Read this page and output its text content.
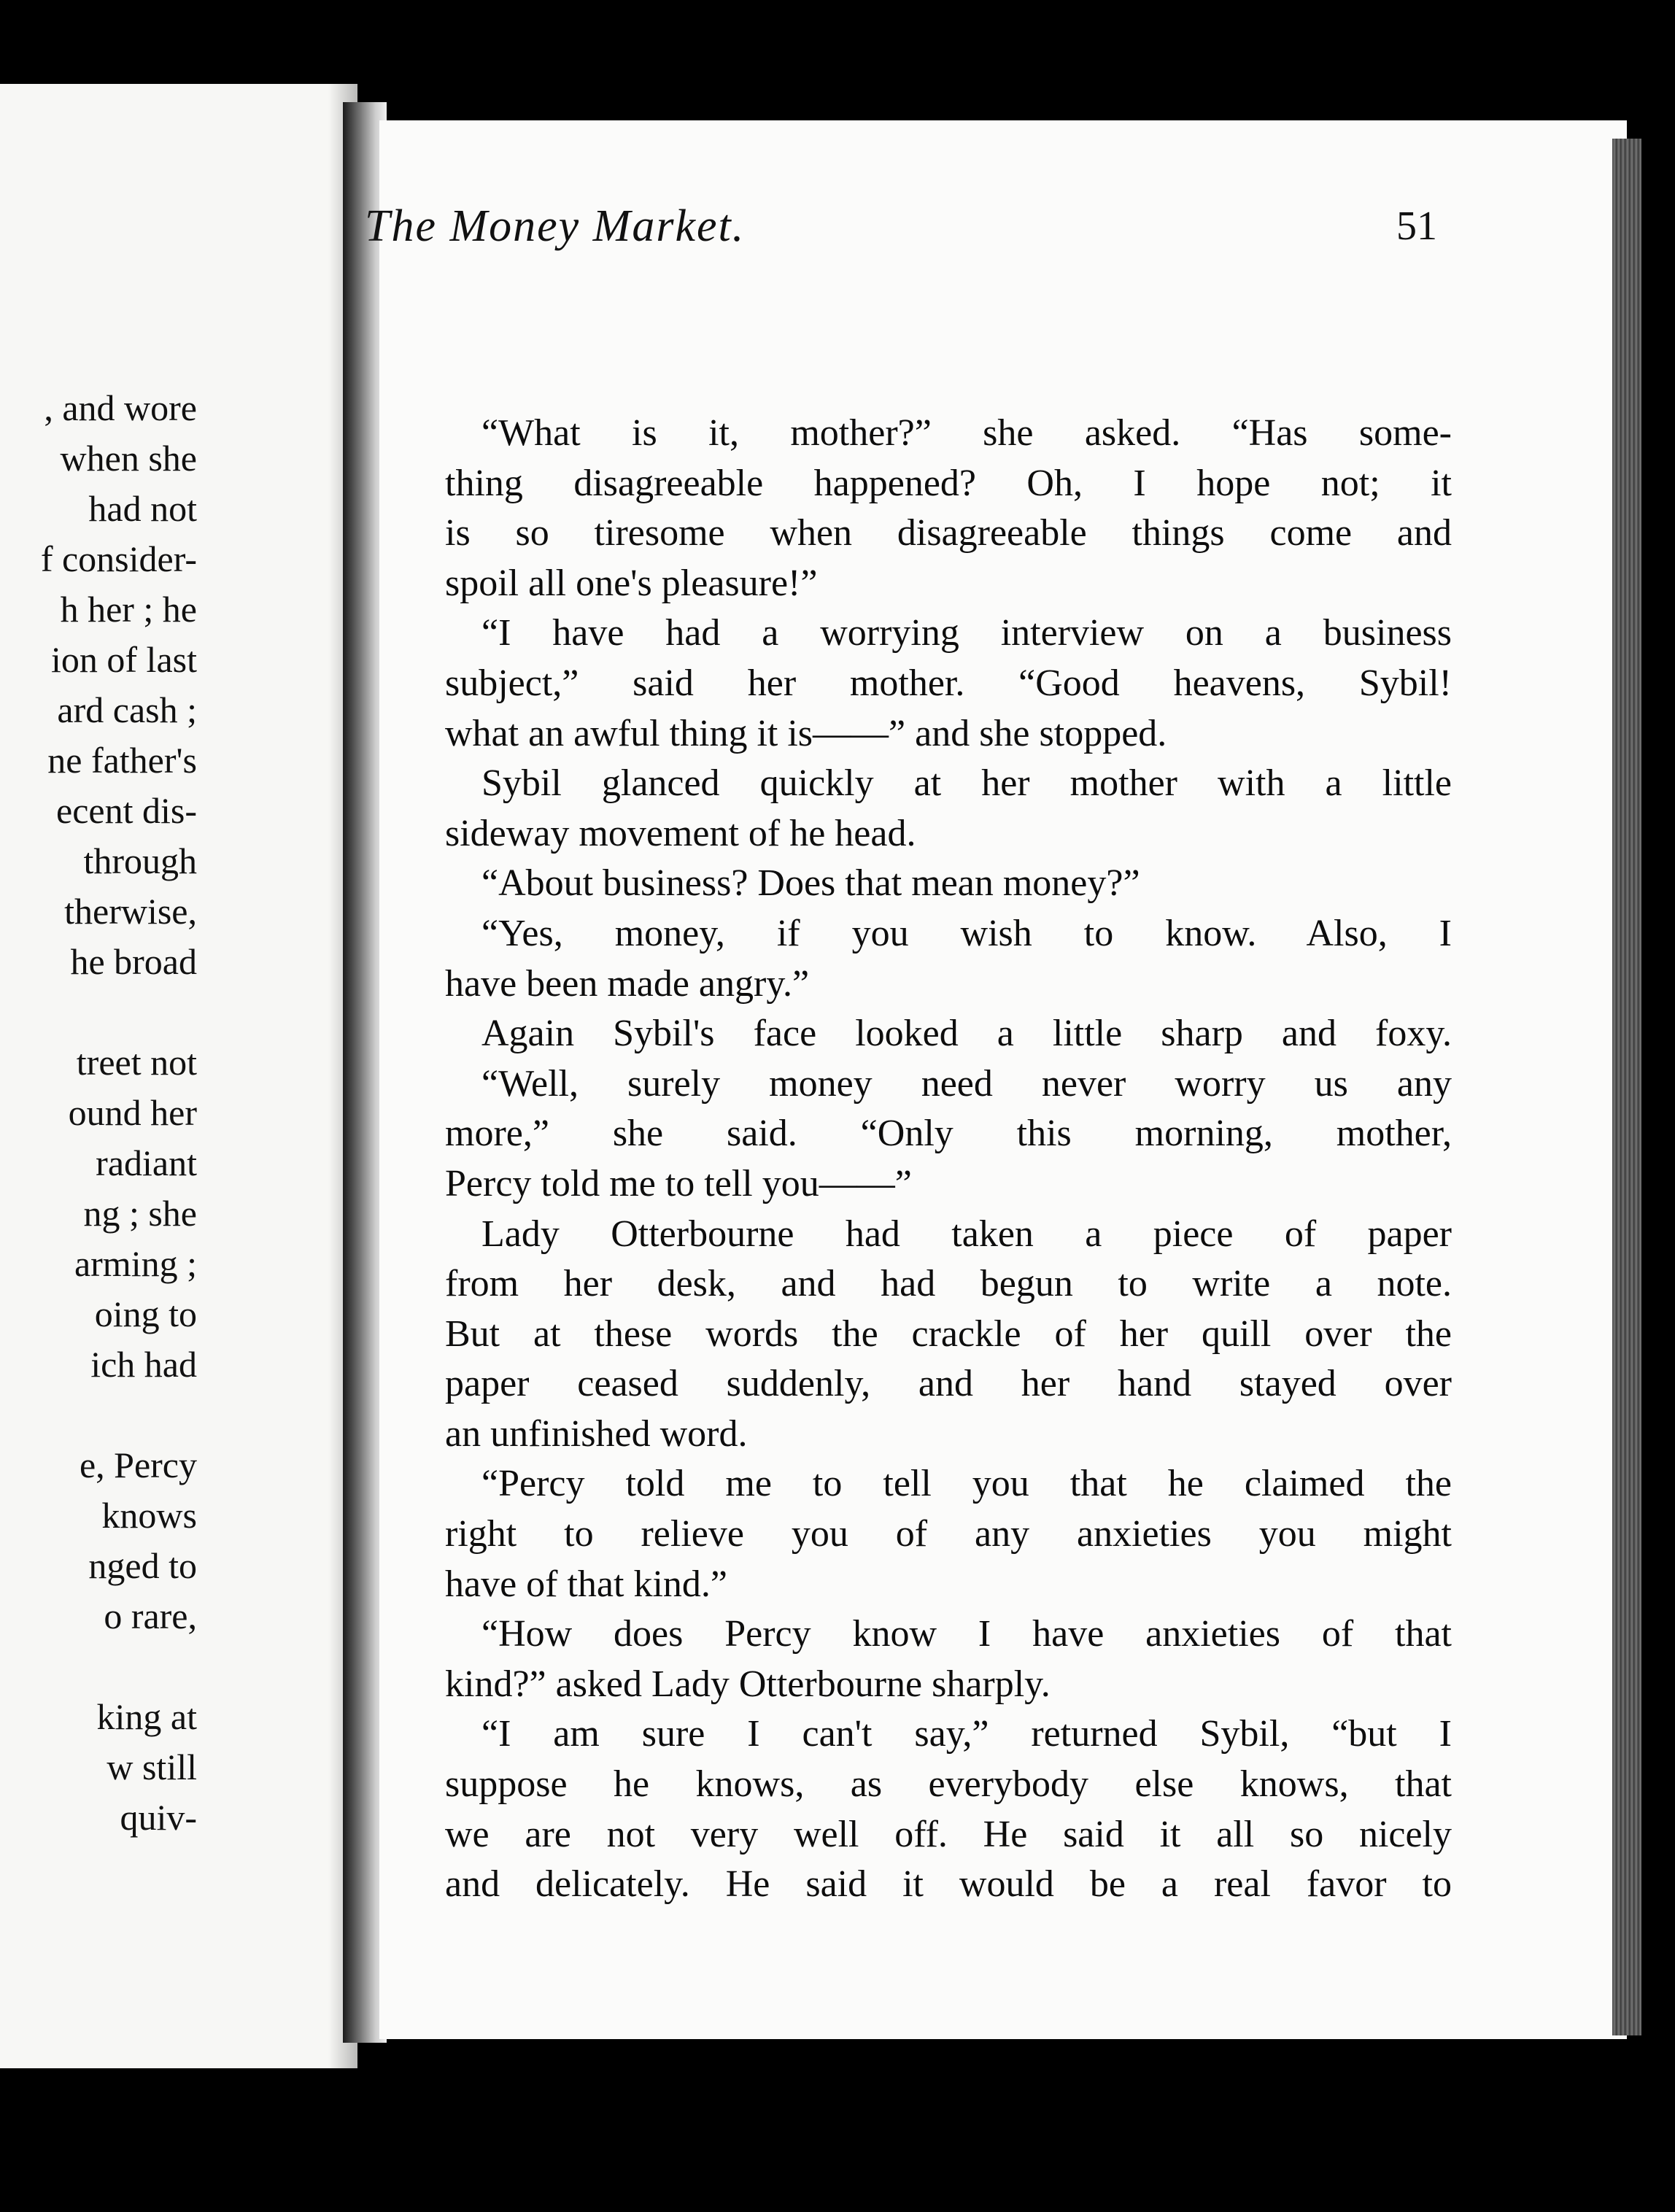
, and wore
when she
had not
f consider-
h her ; he
ion of last
ard cash ;
ne father's
ecent dis-
through
therwise,
he broad
treet not
ound her
radiant
ng ; she
arming ;
oing to
ich had
e, Percy
knows
nged to
o rare,
king at
w still
quiv-
The Money Market.	51
“What is it, mother?” she asked. “Has some-
thing disagreeable happened? Oh, I hope not; it
is so tiresome when disagreeable things come and
spoil all one's pleasure!”
“I have had a worrying interview on a business
subject,” said her mother. “Good heavens, Sybil!
what an awful thing it is——” and she stopped.
Sybil glanced quickly at her mother with a little
sideway movement of he head.
“About business? Does that mean money?”
“Yes, money, if you wish to know. Also, I
have been made angry.”
Again Sybil's face looked a little sharp and foxy.
“Well, surely money need never worry us any
more,” she said. “Only this morning, mother,
Percy told me to tell you——”
Lady Otterbourne had taken a piece of paper
from her desk, and had begun to write a note.
But at these words the crackle of her quill over the
paper ceased suddenly, and her hand stayed over
an unfinished word.
“Percy told me to tell you that he claimed the
right to relieve you of any anxieties you might
have of that kind.”
“How does Percy know I have anxieties of that
kind?” asked Lady Otterbourne sharply.
“I am sure I can't say,” returned Sybil, “but I
suppose he knows, as everybody else knows, that
we are not very well off. He said it all so nicely
and delicately. He said it would be a real favor to
